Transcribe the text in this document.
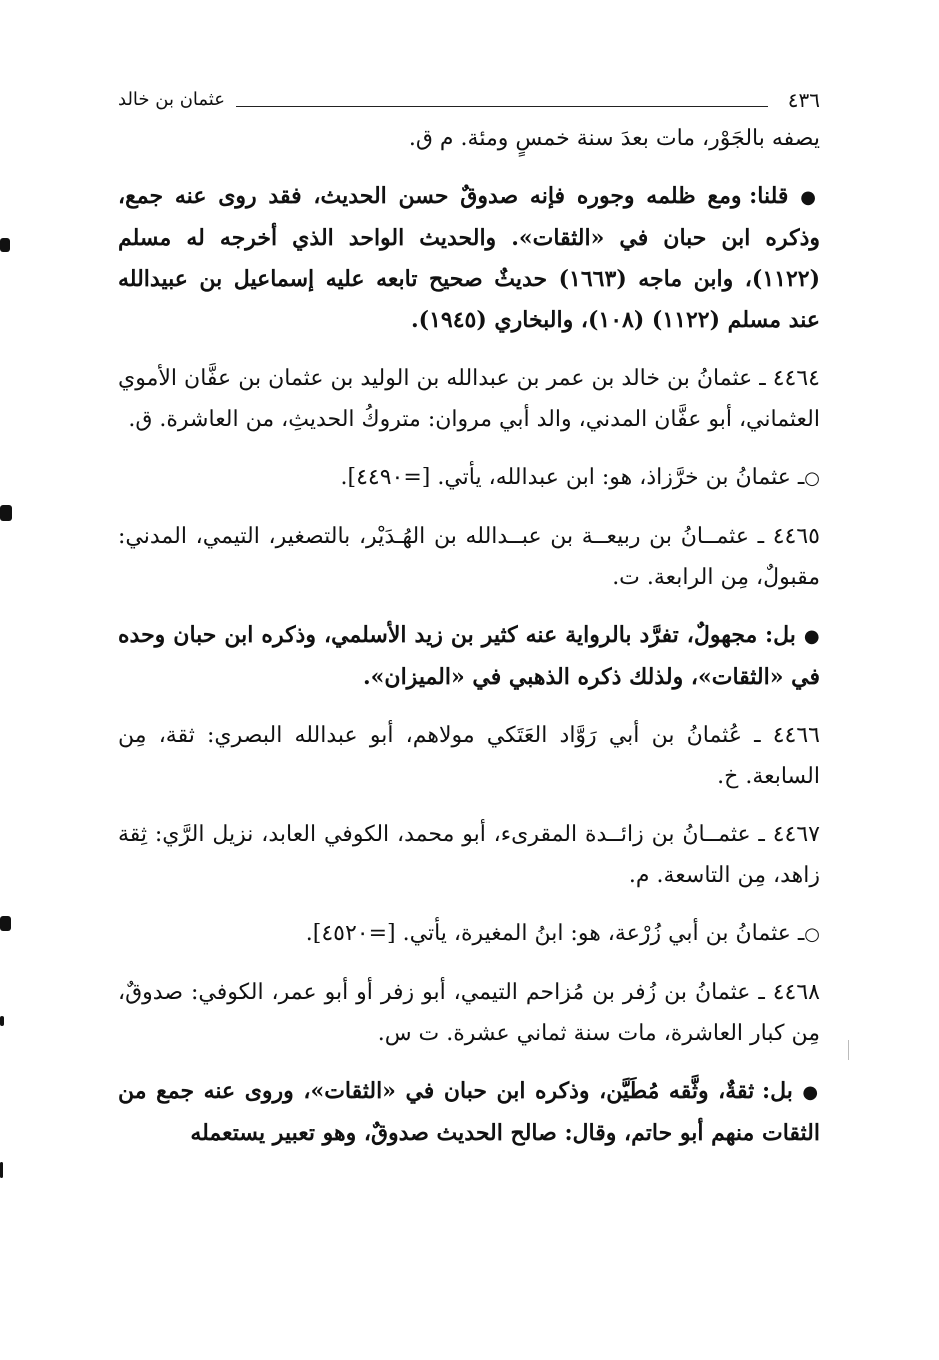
٤٣٦
عثمان بن خالد

يصفه بالجَوْر، مات بعدَ سنة خمسٍ ومئة. م ق.

● قلنا: ومع ظلمه وجوره فإنه صدوقٌ حسن الحديث، فقد روى عنه جمع، وذكره ابن حبان في «الثقات». والحديث الواحد الذي أخرجه له مسلم (١١٢٢)، وابن ماجه (١٦٦٣) حديثٌ صحيح تابعه عليه إسماعيل بن عبيدالله عند مسلم (١١٢٢) (١٠٨)، والبخاري (١٩٤٥).

٤٤٦٤ ـ عثمانُ بن خالد بن عمر بن عبدالله بن الوليد بن عثمان بن عفَّان الأموي العثماني، أبو عفَّان المدني، والد أبي مروان: متروكُ الحديثِ، من العاشرة. ق.

○ـ عثمانُ بن خرَّزاذ، هو: ابن عبدالله، يأتي. [=٤٤٩٠].

٤٤٦٥ ـ عثمــانُ بن ربيعــة بن عبــدالله بن الهُـدَيْر، بالتصغير، التيمي، المدني: مقبولٌ، مِن الرابعة. ت.

● بل: مجهولٌ، تفرَّد بالرواية عنه كثير بن زيد الأسلمي، وذكره ابن حبان وحده في «الثقات»، ولذلك ذكره الذهبي في «الميزان».

٤٤٦٦ ـ عُثمانُ بن أبي رَوَّاد العَتَكي مولاهم، أبو عبدالله البصري: ثقة، مِن السابعة. خ.

٤٤٦٧ ـ عثمــانُ بن زائــدة المقرىء، أبو محمد، الكوفي العابد، نزيل الرَّي: ثِقة زاهد، مِن التاسعة. م.

○ـ عثمانُ بن أبي زُرْعة، هو: ابنُ المغيرة، يأتي. [=٤٥٢٠].

٤٤٦٨ ـ عثمانُ بن زُفر بن مُزاحم التيمي، أبو زفر أو أبو عمر، الكوفي: صدوقٌ، مِن كبار العاشرة، مات سنة ثماني عشرة. ت س.

● بل: ثقةٌ، وثَّقه مُطَيَّن، وذكره ابن حبان في «الثقات»، وروى عنه جمع من الثقات منهم أبو حاتم، وقال: صالح الحديث صدوقٌ، وهو تعبير يستعمله
